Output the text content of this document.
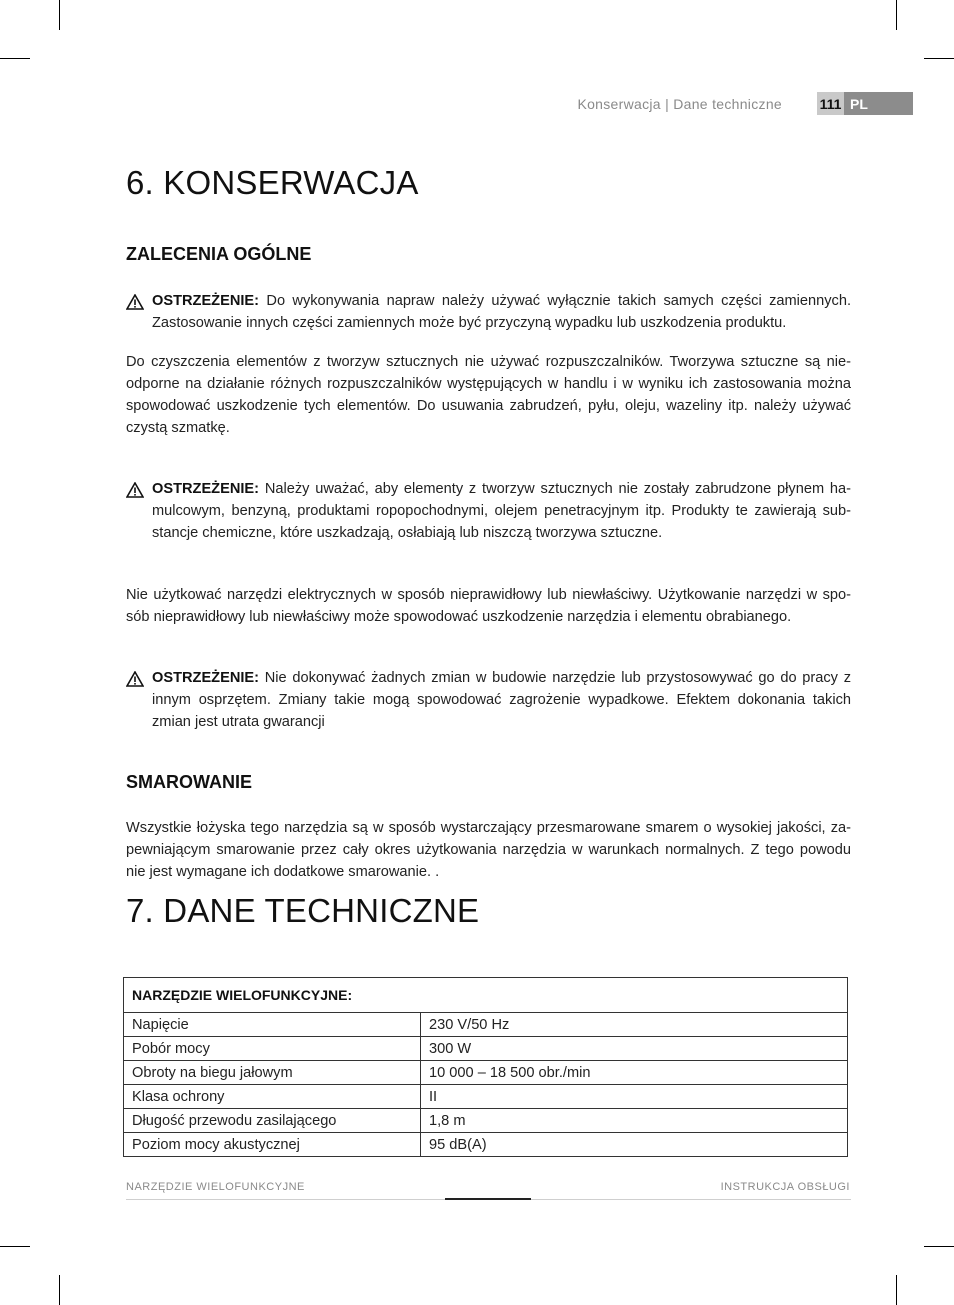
Konserwacja | Dane techniczne	111 PL
6. KONSERWACJA
ZALECENIA OGÓLNE
OSTRZEŻENIE: Do wykonywania napraw należy używać wyłącznie takich samych części zamiennych. Zastosowanie innych części zamiennych może być przyczyną wypadku lub uszkodzenia produktu.

Do czyszczenia elementów z tworzyw sztucznych nie używać rozpuszczalników. Tworzywa sztuczne są nie-odporne na działanie różnych rozpuszczalników występujących w handlu i w wyniku ich zastosowania można spowodować uszkodzenie tych elementów. Do usuwania zabrudzeń, pyłu, oleju, wazeliny itp. należy używać czystą szmatkę.

OSTRZEŻENIE: Należy uważać, aby elementy z tworzyw sztucznych nie zostały zabrudzone płynem ha-mulcowym, benzyną, produktami ropopochodnymi, olejem penetracyjnym itp. Produkty te zawierają sub-stancje chemiczne, które uszkadzają, osłabiają lub niszczą tworzywa sztuczne.

Nie użytkować narzędzi elektrycznych w sposób nieprawidłowy lub niewłaściwy. Użytkowanie narzędzi w spo-sób nieprawidłowy lub niewłaściwy może spowodować uszkodzenie narzędzia i elementu obrabianego.

OSTRZEŻENIE: Nie dokonywać żadnych zmian w budowie narzędzie lub przystosowywać go do pracy z innym osprzętem. Zmiany takie mogą spowodować zagrożenie wypadkowe. Efektem dokonania takich zmian jest utrata gwarancji
SMAROWANIE

Wszystkie łożyska tego narzędzia są w sposób wystarczający przesmarowane smarem o wysokiej jakości, za-pewniającym smarowanie przez cały okres użytkowania narzędzia w warunkach normalnych. Z tego powodu nie jest wymagane ich dodatkowe smarowanie. .

7. DANE TECHNICZNE
NARZĘDZIE WIELOFUNKCYJNE:	
Napięcie	230 V/50 Hz
Pobór mocy	300 W
Obroty na biegu jałowym	10 000 – 18 500 obr./min
Klasa ochrony	II
Długość przewodu zasilającego	1,8 m
Poziom mocy akustycznej	95 dB(A)
NARZĘDZIE WIELOFUNKCYJNE	INSTRUKCJA OBSŁUGI
